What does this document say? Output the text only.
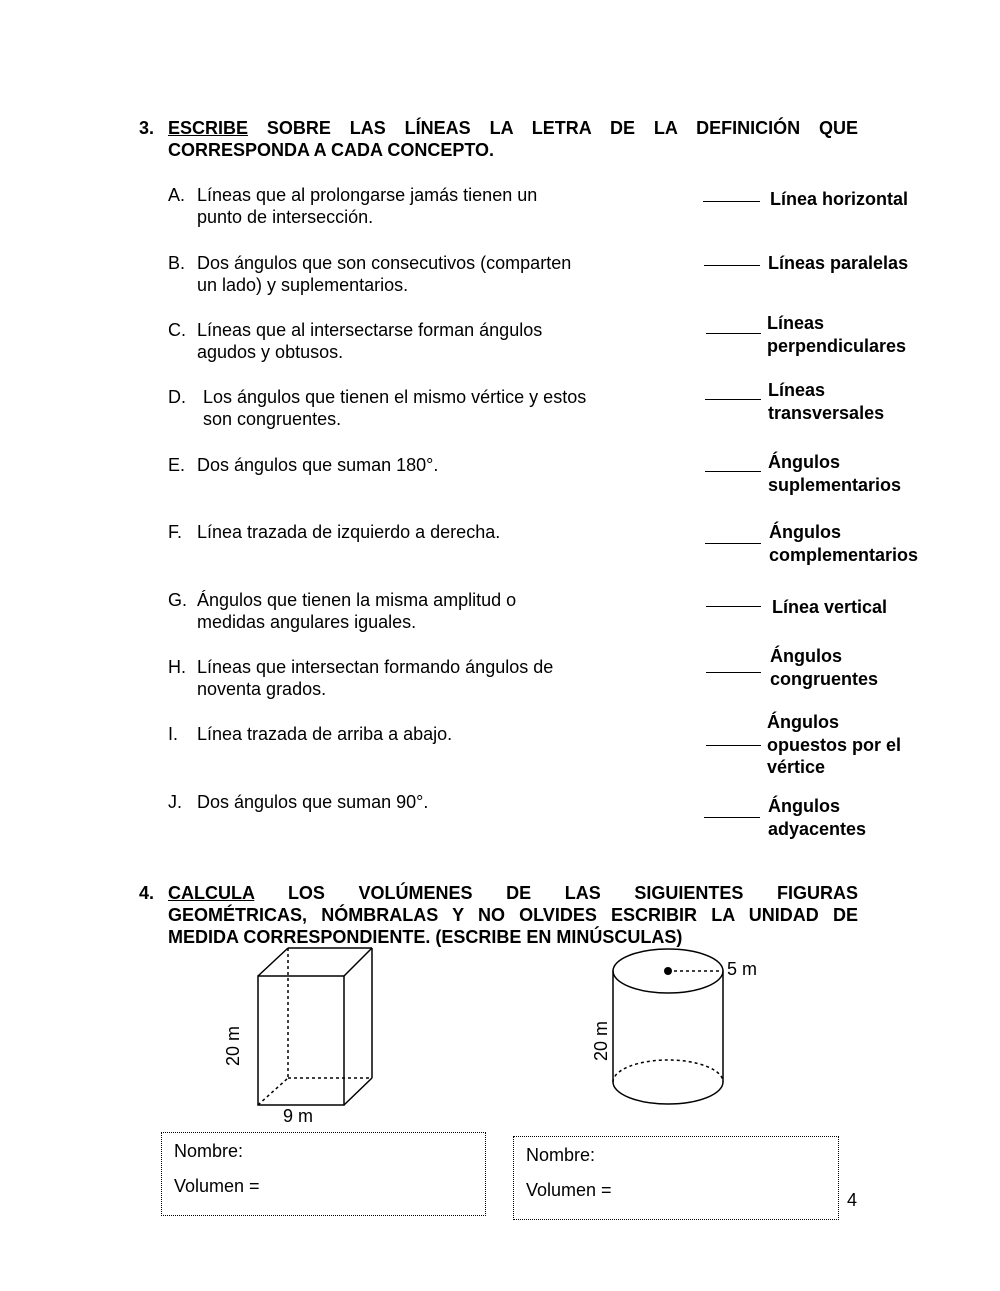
3. ESCRIBE SOBRE LAS LÍNEAS LA LETRA DE LA DEFINICIÓN QUE
CORRESPONDA A CADA CONCEPTO.
A. Líneas que al prolongarse jamás tienen un
punto de intersección.
B. Dos ángulos que son consecutivos (comparten
un lado) y suplementarios.
C. Líneas que al intersectarse forman ángulos
agudos y obtusos.
D. Los ángulos que tienen el mismo vértice y estos
son congruentes.
E. Dos ángulos que suman 180°.
F. Línea trazada de izquierdo a derecha.
G. Ángulos que tienen la misma amplitud o
medidas angulares iguales.
H. Líneas que intersectan formando ángulos de
noventa grados.
I. Línea trazada de arriba a abajo.
J. Dos ángulos que suman 90°.
Línea horizontal
Líneas paralelas
Líneas
perpendiculares
Líneas
transversales
Ángulos
suplementarios
Ángulos
complementarios
Línea vertical
Ángulos
congruentes
Ángulos
opuestos por el
vértice
Ángulos
adyacentes
4. CALCULA LOS VOLÚMENES DE LAS SIGUIENTES FIGURAS
GEOMÉTRICAS, NÓMBRALAS Y NO OLVIDES ESCRIBIR LA UNIDAD DE
MEDIDA CORRESPONDIENTE. (ESCRIBE EN MINÚSCULAS)
20 m
9 m
5 m
20 m
Nombre:
Volumen =
Nombre:
Volumen =	4
